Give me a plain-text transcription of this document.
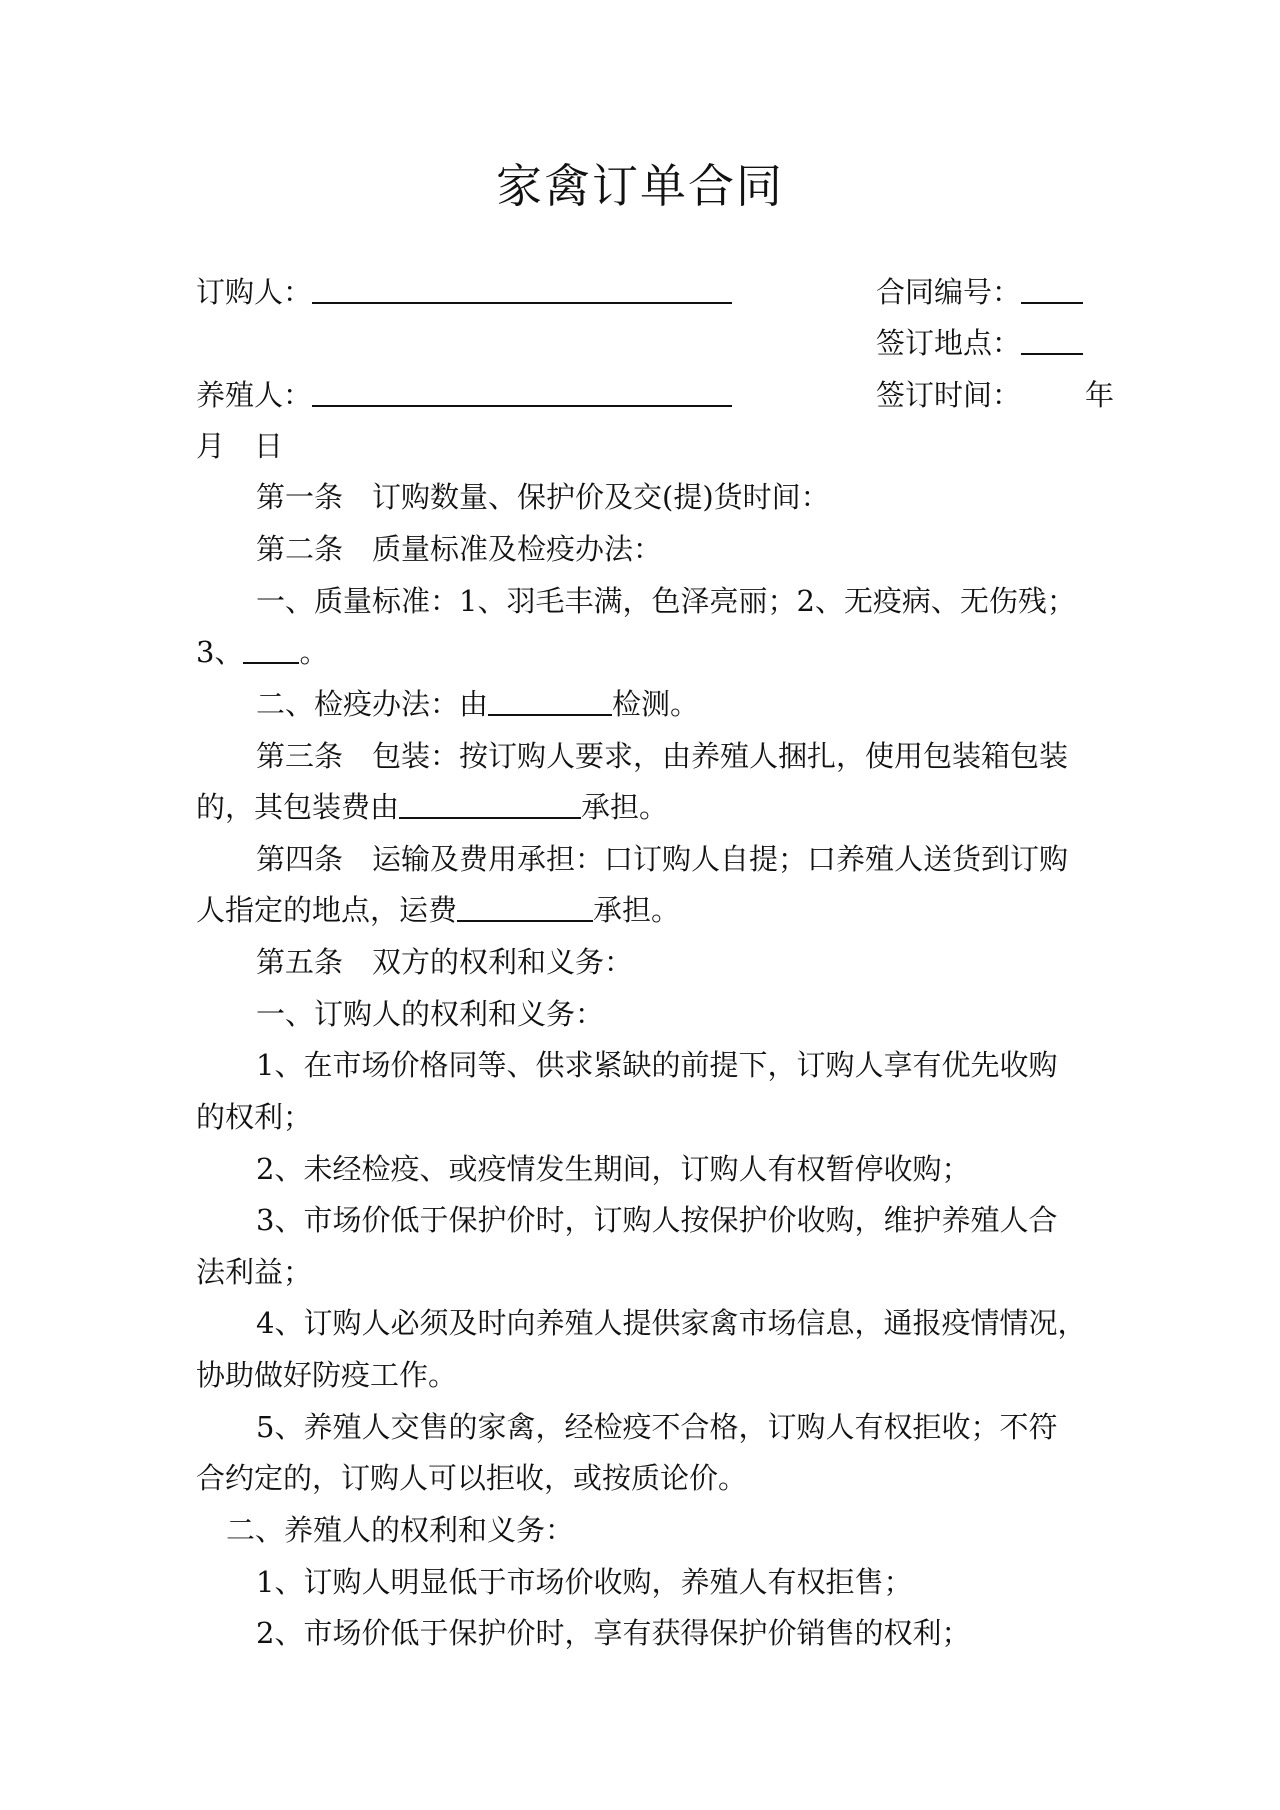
家禽订单合同
订购人：	合同编号：
签订地点：
养殖人：	签订时间： 年
月　日
第一条　订购数量、保护价及交(提)货时间：
第二条　质量标准及检疫办法：
一、质量标准：1、羽毛丰满，色泽亮丽；2、无疫病、无伤残；
3、 。
二、检疫办法：由	检测。
第三条　包装：按订购人要求，由养殖人捆扎，使用包装箱包装
的，其包装费由	承担。
第四条　运输及费用承担：口订购人自提；口养殖人送货到订购
人指定的地点，运费	承担。
第五条　双方的权利和义务：
一、订购人的权利和义务：
1、在市场价格同等、供求紧缺的前提下，订购人享有优先收购
的权利；
2、未经检疫、或疫情发生期间，订购人有权暂停收购；
3、市场价低于保护价时，订购人按保护价收购，维护养殖人合
法利益；
4、订购人必须及时向养殖人提供家禽市场信息，通报疫情情况，
协助做好防疫工作。
5、养殖人交售的家禽，经检疫不合格，订购人有权拒收；不符
合约定的，订购人可以拒收，或按质论价。
二、养殖人的权利和义务：
1、订购人明显低于市场价收购，养殖人有权拒售；
2、市场价低于保护价时，享有获得保护价销售的权利；
